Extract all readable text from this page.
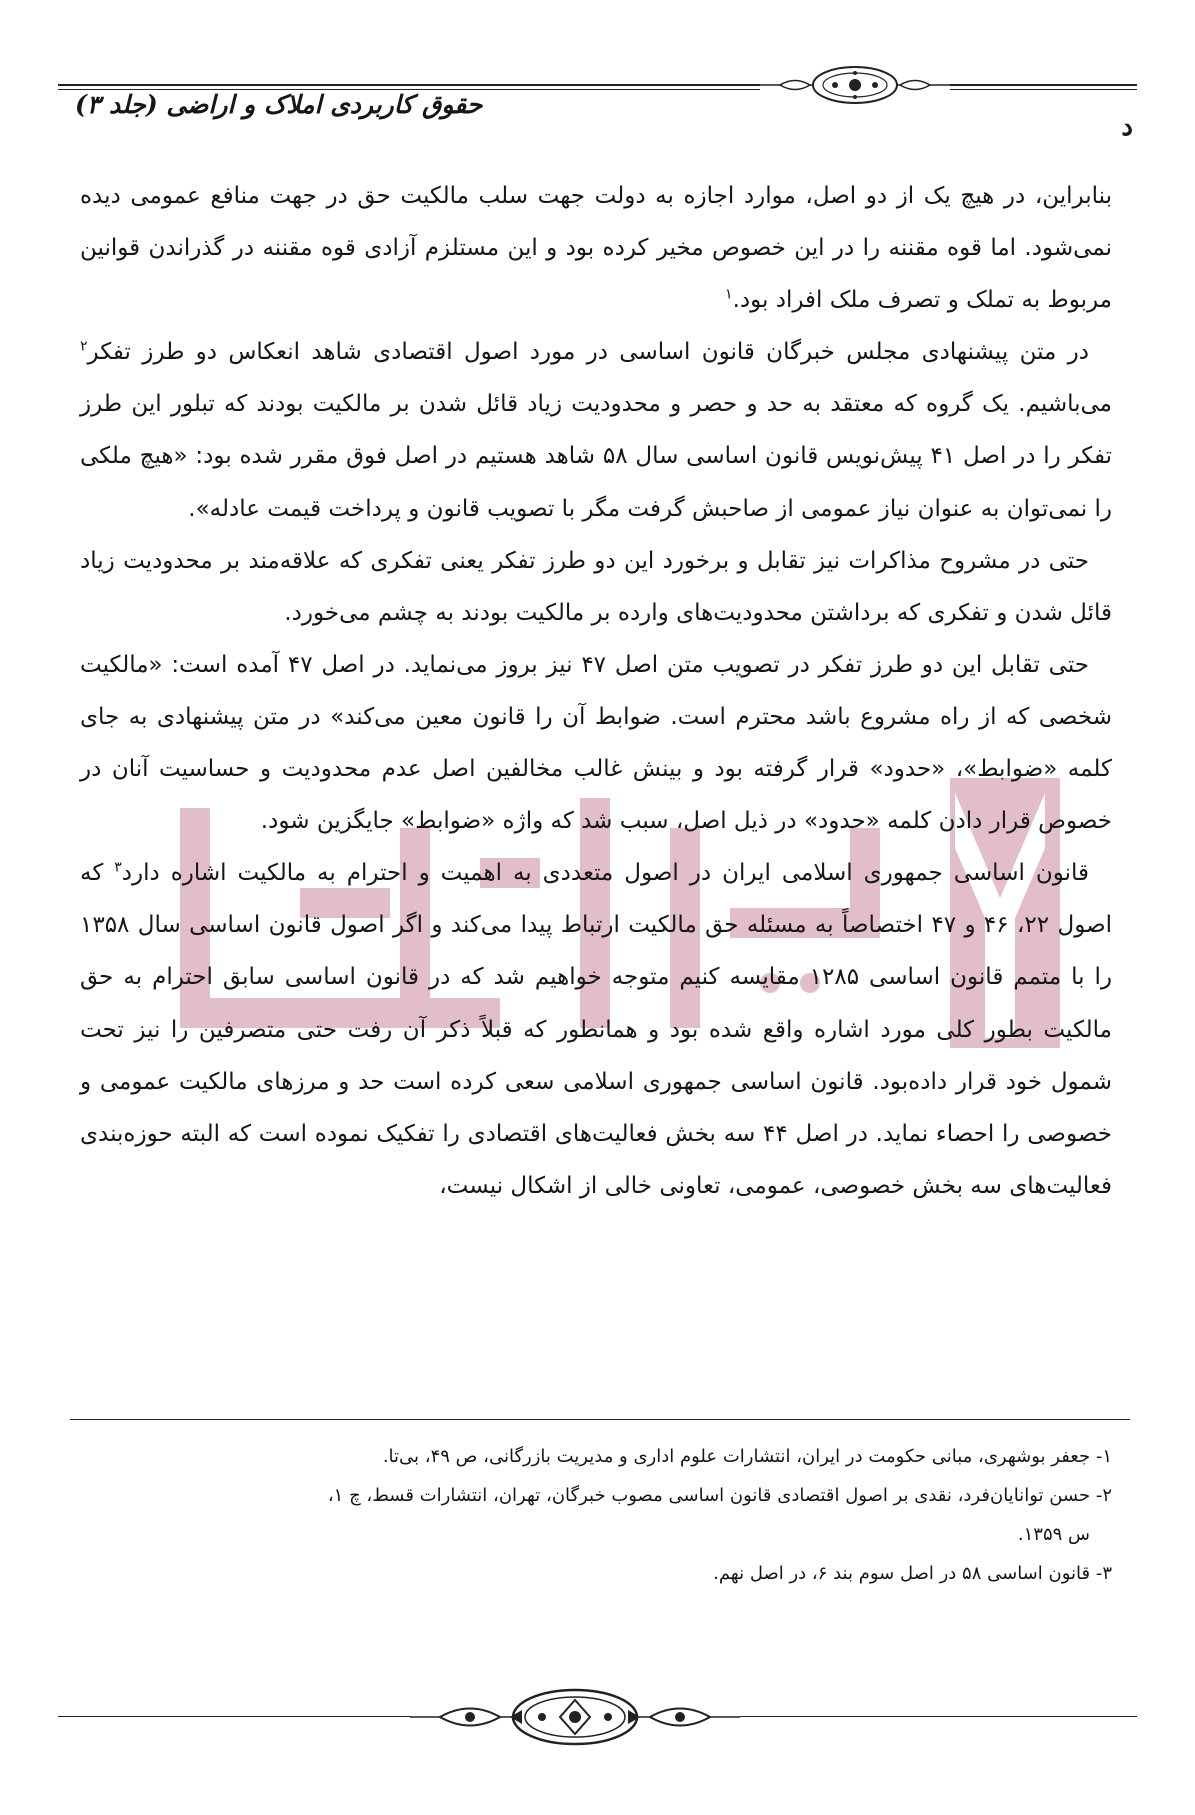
حقوق کاربردی املاک و اراضی (جلد ۳)
د

بنابراین، در هیچ یک از دو اصل، موارد اجازه به دولت جهت سلب مالکیت حق در جهت منافع عمومی دیده نمی‌شود. اما قوه مقننه را در این خصوص مخیر کرده بود و این مستلزم آزادی قوه مقننه در گذراندن قوانین مربوط به تملک و تصرف ملک افراد بود.$^۱$

 در متن پیشنهادی مجلس خبرگان قانون اساسی در مورد اصول اقتصادی شاهد انعکاس دو طرز تفکر$^۲$ می‌باشیم. یک گروه که معتقد به حد و حصر و محدودیت زیاد قائل شدن بر مالکیت بودند که تبلور این طرز تفکر را در اصل ۴۱ پیش‌نویس قانون اساسی سال ۵۸ شاهد هستیم در اصل فوق مقرر شده بود: «هیچ ملکی را نمی‌توان به عنوان نیاز عمومی از صاحبش گرفت مگر با تصویب قانون و پرداخت قیمت عادله».

 حتی در مشروح مذاکرات نیز تقابل و برخورد این دو طرز تفکر یعنی تفکری که علاقه‌مند بر محدودیت زیاد قائل شدن و تفکری که برداشتن محدودیت‌های وارده بر مالکیت بودند به چشم می‌خورد.

 حتی تقابل این دو طرز تفکر در تصویب متن اصل ۴۷ نیز بروز می‌نماید. در اصل ۴۷ آمده است: «مالکیت شخصی که از راه مشروع باشد محترم است. ضوابط آن را قانون معین می‌کند» در متن پیشنهادی به جای کلمه «ضوابط»، «حدود» قرار گرفته بود و بینش غالب مخالفین اصل عدم محدودیت و حساسیت آنان در خصوص قرار دادن کلمه «حدود» در ذیل اصل، سبب شد که واژه «ضوابط» جایگزین شود.

 قانون اساسی جمهوری اسلامی ایران در اصول متعددی به اهمیت و احترام به مالکیت اشاره دارد$^۳$ که اصول ۲۲، ۴۶ و ۴۷ اختصاصاً به مسئله حق مالکیت ارتباط پیدا می‌کند و اگر اصول قانون اساسی سال ۱۳۵۸ را با متمم قانون اساسی ۱۲۸۵ مقایسه کنیم متوجه خواهیم شد که در قانون اساسی سابق احترام به حق مالکیت بطور کلی مورد اشاره واقع شده بود و همانطور که قبلاً ذکر آن رفت حتی متصرفین را نیز تحت شمول خود قرار داده‌بود. قانون اساسی جمهوری اسلامی سعی کرده است حد و مرزهای مالکیت عمومی و خصوصی را احصاء نماید. در اصل ۴۴ سه بخش فعالیت‌های اقتصادی را تفکیک نموده است که البته حوزه‌بندی فعالیت‌های سه بخش خصوصی، عمومی، تعاونی خالی از اشکال نیست،

۱- جعفر بوشهری، مبانی حکومت در ایران، انتشارات علوم اداری و مدیریت بازرگانی، ص ۴۹، بی‌تا.

۲- حسن توانایان‌فرد، نقدی بر اصول اقتصادی قانون اساسی مصوب خبرگان، تهران، انتشارات قسط، چ ۱،

س ۱۳۵۹.

۳- قانون اساسی ۵۸ در اصل سوم بند ۶، در اصل نهم.
